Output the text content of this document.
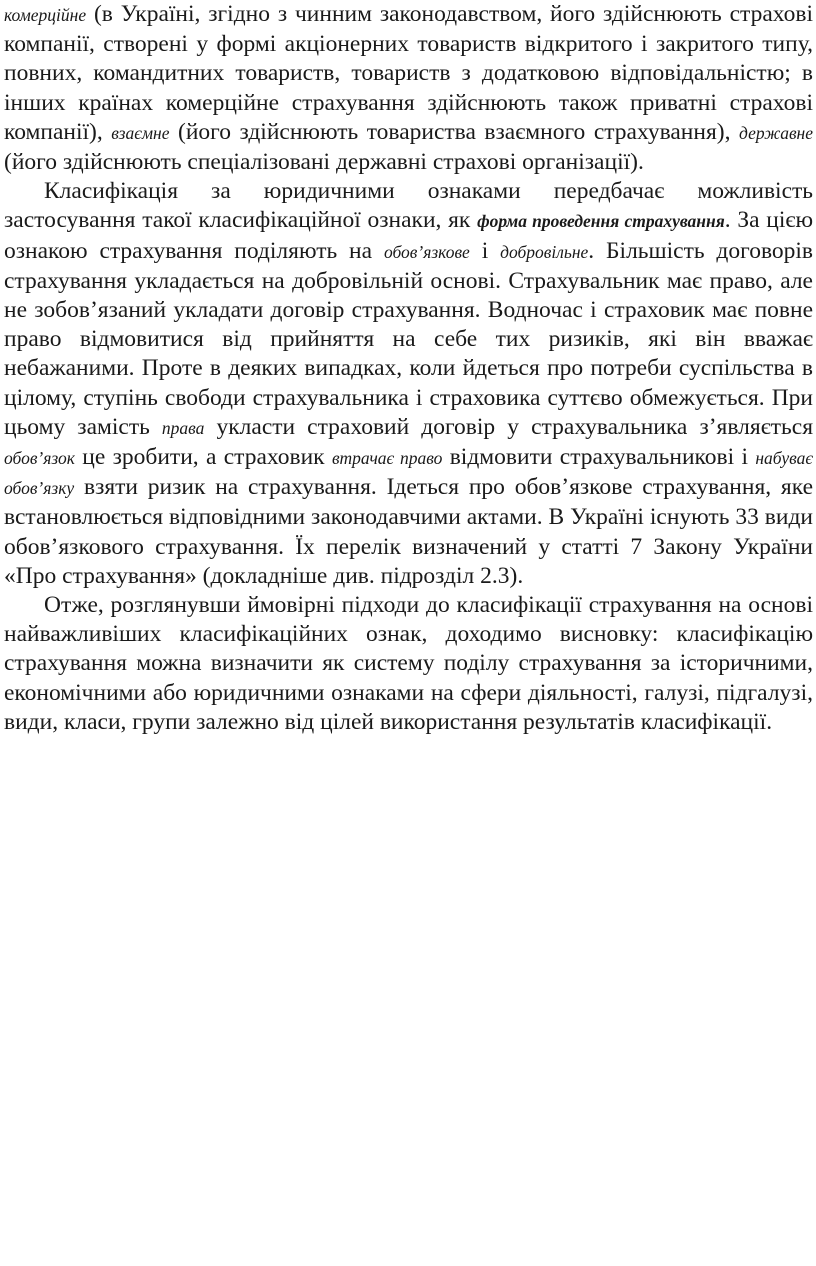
комерційне (в Україні, згідно з чинним законодавством, його здійснюють страхові компанії, створені у формі акціонерних товариств відкритого і закритого типу, повних, командитних товариств, товариств з додатковою відповідальністю; в інших країнах комерційне страхування здійснюють також приватні страхові компанії), взаємне (його здійснюють товариства взаємного страхування), державне (його здійснюють спеціалізовані державні страхові організації).

Класифікація за юридичними ознаками передбачає можливість застосування такої класифікаційної ознаки, як форма проведення страхування. За цією ознакою страхування поділяють на обов’язкове і добровільне. Більшість договорів страхування укладається на добровільній основі. Страхувальник має право, але не зобов’язаний укладати договір страхування. Водночас і страховик має повне право відмовитися від прийняття на себе тих ризиків, які він вважає небажаними. Проте в деяких випадках, коли йдеться про потреби суспільства в цілому, ступінь свободи страхувальника і страховика суттєво обмежується. При цьому замість права укласти страховий договір у страхувальника з’являється обов’язок це зробити, а страховик втрачає право відмовити страхувальникові і набуває обов’язку взяти ризик на страхування. Ідеться про обов’язкове страхування, яке встановлюється відповідними законодавчими актами. В Україні існують 33 види обов’язкового страхування. Їх перелік визначений у статті 7 Закону України «Про страхування» (докладніше див. підрозділ 2.3).

Отже, розглянувши ймовірні підходи до класифікації страхування на основі найважливіших класифікаційних ознак, доходимо висновку: класифікацію страхування можна визначити як систему поділу страхування за історичними, економічними або юридичними ознаками на сфери діяльності, галузі, підгалузі, види, класи, групи залежно від цілей використання результатів класифікації.
